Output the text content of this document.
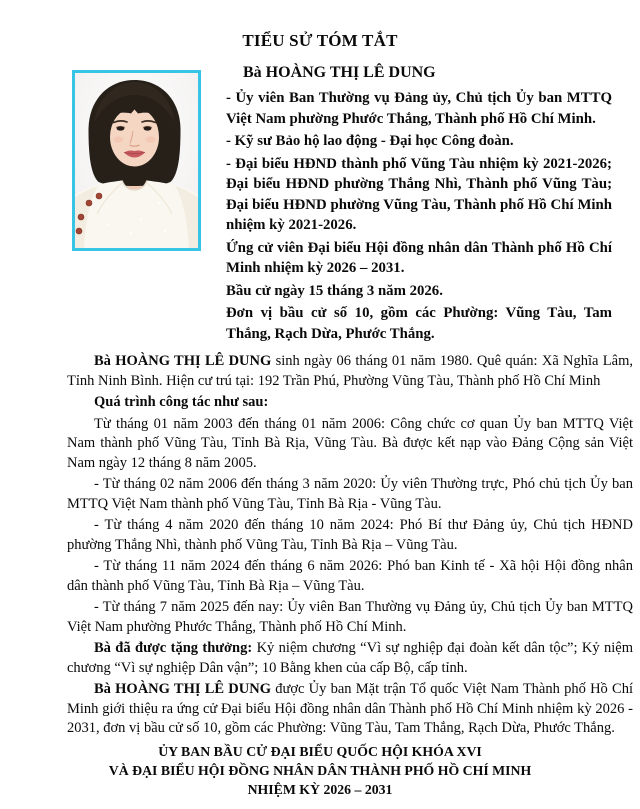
TIỂU SỬ TÓM TẮT
Bà HOÀNG THỊ LÊ DUNG

- Ủy viên Ban Thường vụ Đảng ủy, Chủ tịch Ủy ban MTTQ Việt Nam phường Phước Thắng, Thành phố Hồ Chí Minh.

- Kỹ sư Bảo hộ lao động - Đại học Công đoàn.

- Đại biểu HĐND thành phố Vũng Tàu nhiệm kỳ 2021-2026; Đại biểu HĐND phường Thắng Nhì, Thành phố Vũng Tàu; Đại biểu HĐND phường Vũng Tàu, Thành phố Hồ Chí Minh nhiệm kỳ 2021-2026.

Ứng cử viên Đại biểu Hội đồng nhân dân Thành phố Hồ Chí Minh nhiệm kỳ 2026 – 2031.

Bầu cử ngày 15 tháng 3 năm 2026.

Đơn vị bầu cử số 10, gồm các Phường: Vũng Tàu, Tam Thắng, Rạch Dừa, Phước Thắng.

Bà HOÀNG THỊ LÊ DUNG sinh ngày 06 tháng 01 năm 1980. Quê quán: Xã Nghĩa Lâm, Tỉnh Ninh Bình. Hiện cư trú tại: 192 Trần Phú, Phường Vũng Tàu, Thành phố Hồ Chí Minh

Quá trình công tác như sau:

Từ tháng 01 năm 2003 đến tháng 01 năm 2006: Công chức cơ quan Ủy ban MTTQ Việt Nam thành phố Vũng Tàu, Tỉnh Bà Rịa, Vũng Tàu. Bà được kết nạp vào Đảng Cộng sản Việt Nam ngày 12 tháng 8 năm 2005.

- Từ tháng 02 năm 2006 đến tháng 3 năm 2020: Ủy viên Thường trực, Phó chủ tịch Ủy ban MTTQ Việt Nam thành phố Vũng Tàu, Tỉnh Bà Rịa - Vũng Tàu.

- Từ tháng 4 năm 2020 đến tháng 10 năm 2024: Phó Bí thư Đảng ủy, Chủ tịch HĐND phường Thắng Nhì, thành phố Vũng Tàu, Tỉnh Bà Rịa – Vũng Tàu.

- Từ tháng 11 năm 2024 đến tháng 6 năm 2026: Phó ban Kinh tế - Xã hội Hội đồng nhân dân thành phố Vũng Tàu, Tỉnh Bà Rịa – Vũng Tàu.

- Từ tháng 7 năm 2025 đến nay: Ủy viên Ban Thường vụ Đảng ủy, Chủ tịch Ủy ban MTTQ Việt Nam phường Phước Thắng, Thành phố Hồ Chí Minh.

Bà đã được tặng thưởng: Kỷ niệm chương “Vì sự nghiệp đại đoàn kết dân tộc”; Kỷ niệm chương “Vì sự nghiệp Dân vận”; 10 Bằng khen của cấp Bộ, cấp tỉnh.

Bà HOÀNG THỊ LÊ DUNG được Ủy ban Mặt trận Tổ quốc Việt Nam Thành phố Hồ Chí Minh giới thiệu ra ứng cử Đại biểu Hội đồng nhân dân Thành phố Hồ Chí Minh nhiệm kỳ 2026 - 2031, đơn vị bầu cử số 10, gồm các Phường: Vũng Tàu, Tam Thắng, Rạch Dừa, Phước Thắng.

ỦY BAN BẦU CỬ ĐẠI BIỂU QUỐC HỘI KHÓA XVI
VÀ ĐẠI BIỂU HỘI ĐỒNG NHÂN DÂN THÀNH PHỐ HỒ CHÍ MINH
NHIỆM KỲ 2026 – 2031
